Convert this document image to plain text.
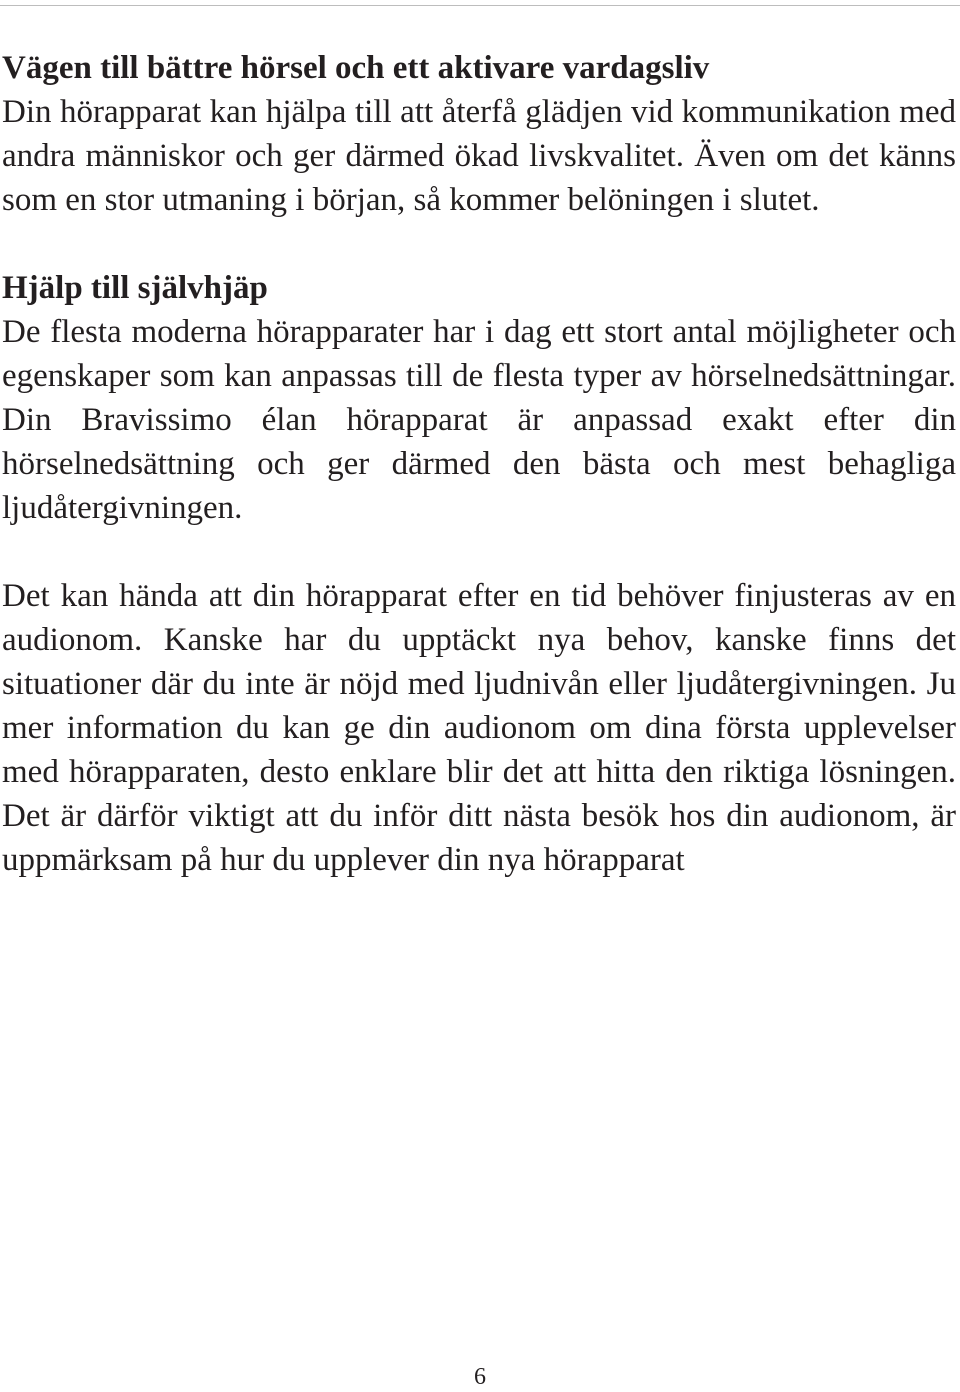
Vägen till bättre hörsel och ett aktivare vardagsliv

Din hörapparat kan hjälpa till att återfå glädjen vid kommunikation med andra människor och ger därmed ökad livskvalitet. Även om det känns som en stor utmaning i början, så kommer belöningen i slutet.

Hjälp till självhjäp

De flesta moderna hörapparater har i dag ett stort antal möjligheter och egenskaper som kan anpassas till de flesta typer av hörselnedsättningar. Din Bravissimo élan hörapparat är anpassad exakt efter din hörselnedsättning och ger därmed den bästa och mest behagliga ljudåtergivningen.

Det kan hända att din hörapparat efter en tid behöver finjusteras av en audionom. Kanske har du upptäckt nya behov, kanske finns det situationer där du inte är nöjd med ljudnivån eller ljudåtergivningen. Ju mer information du kan ge din audionom om dina första upplevelser med hörapparaten, desto enklare blir det att hitta den riktiga lösningen. Det är därför viktigt att du inför ditt nästa besök hos din audionom, är uppmärksam på hur du upplever din nya hörapparat

6
